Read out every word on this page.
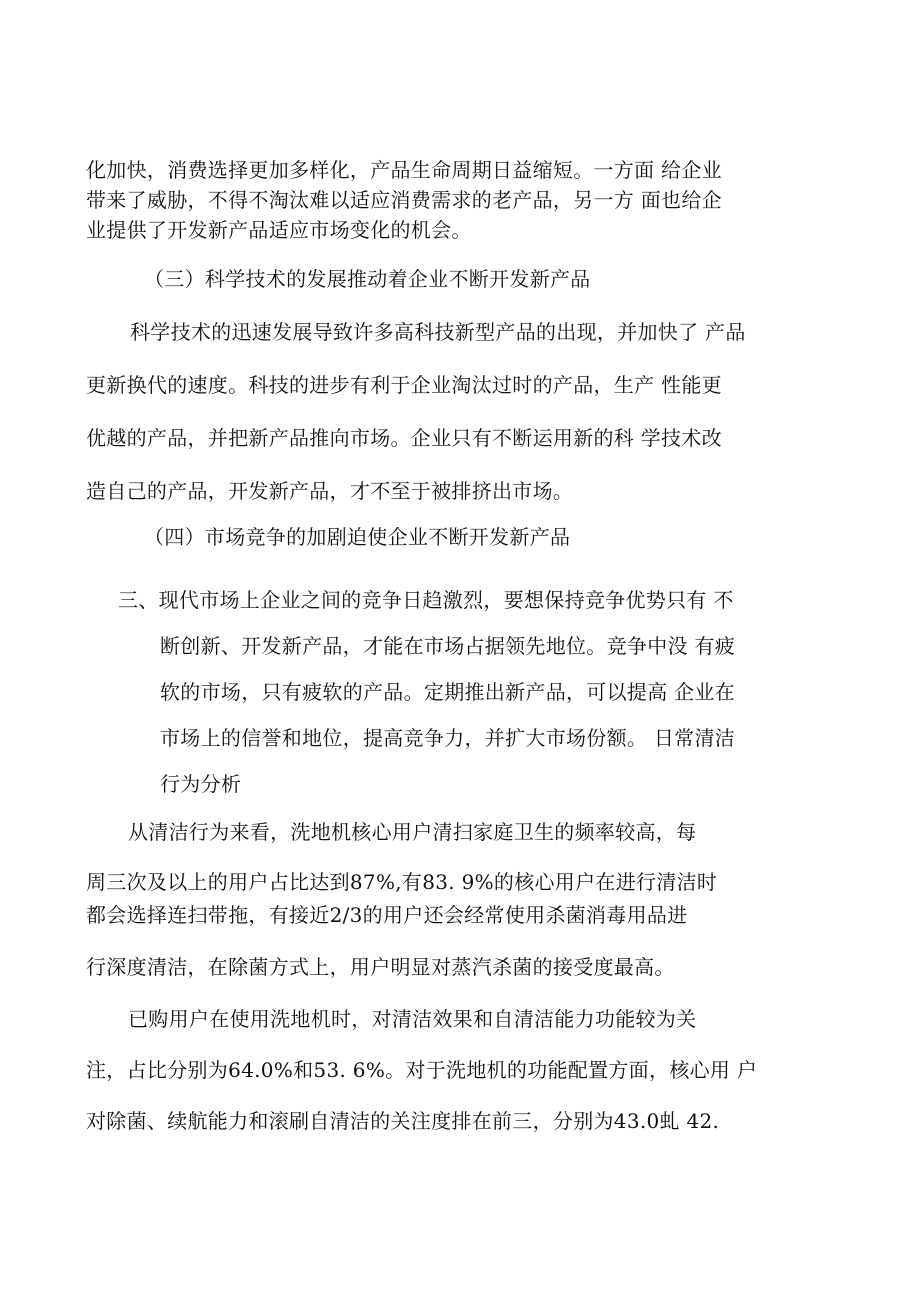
化加快，消费选择更加多样化，产品生命周期日益缩短。一方面 给企业
带来了威胁，不得不淘汰难以适应消费需求的老产品，另一方 面也给企
业提供了开发新产品适应市场变化的机会。
（三）科学技术的发展推动着企业不断开发新产品
科学技术的迅速发展导致许多高科技新型产品的出现，并加快了 产品
更新换代的速度。科技的进步有利于企业淘汰过时的产品，生产 性能更
优越的产品，并把新产品推向市场。企业只有不断运用新的科 学技术改
造自己的产品，开发新产品，才不至于被排挤出市场。
（四）市场竞争的加剧迫使企业不断开发新产品
三、现代市场上企业之间的竞争日趋激烈，要想保持竞争优势只有 不
断创新、开发新产品，才能在市场占据领先地位。竞争中没 有疲
软的市场，只有疲软的产品。定期推出新产品，可以提高 企业在
市场上的信誉和地位，提高竞争力，并扩大市场份额。 日常清洁
行为分析
从清洁行为来看，洗地机核心用户清扫家庭卫生的频率较高，每
周三次及以上的用户占比达到87%,有83. 9%的核心用户在进行清洁时
都会选择连扫带拖，有接近2/3的用户还会经常使用杀菌消毒用品进
行深度清洁，在除菌方式上，用户明显对蒸汽杀菌的接受度最高。
已购用户在使用洗地机时，对清洁效果和自清洁能力功能较为关
注，占比分别为64.0%和53. 6%。对于洗地机的功能配置方面，核心用 户
对除菌、续航能力和滚刷自清洁的关注度排在前三，分别为43.0虬 42.
